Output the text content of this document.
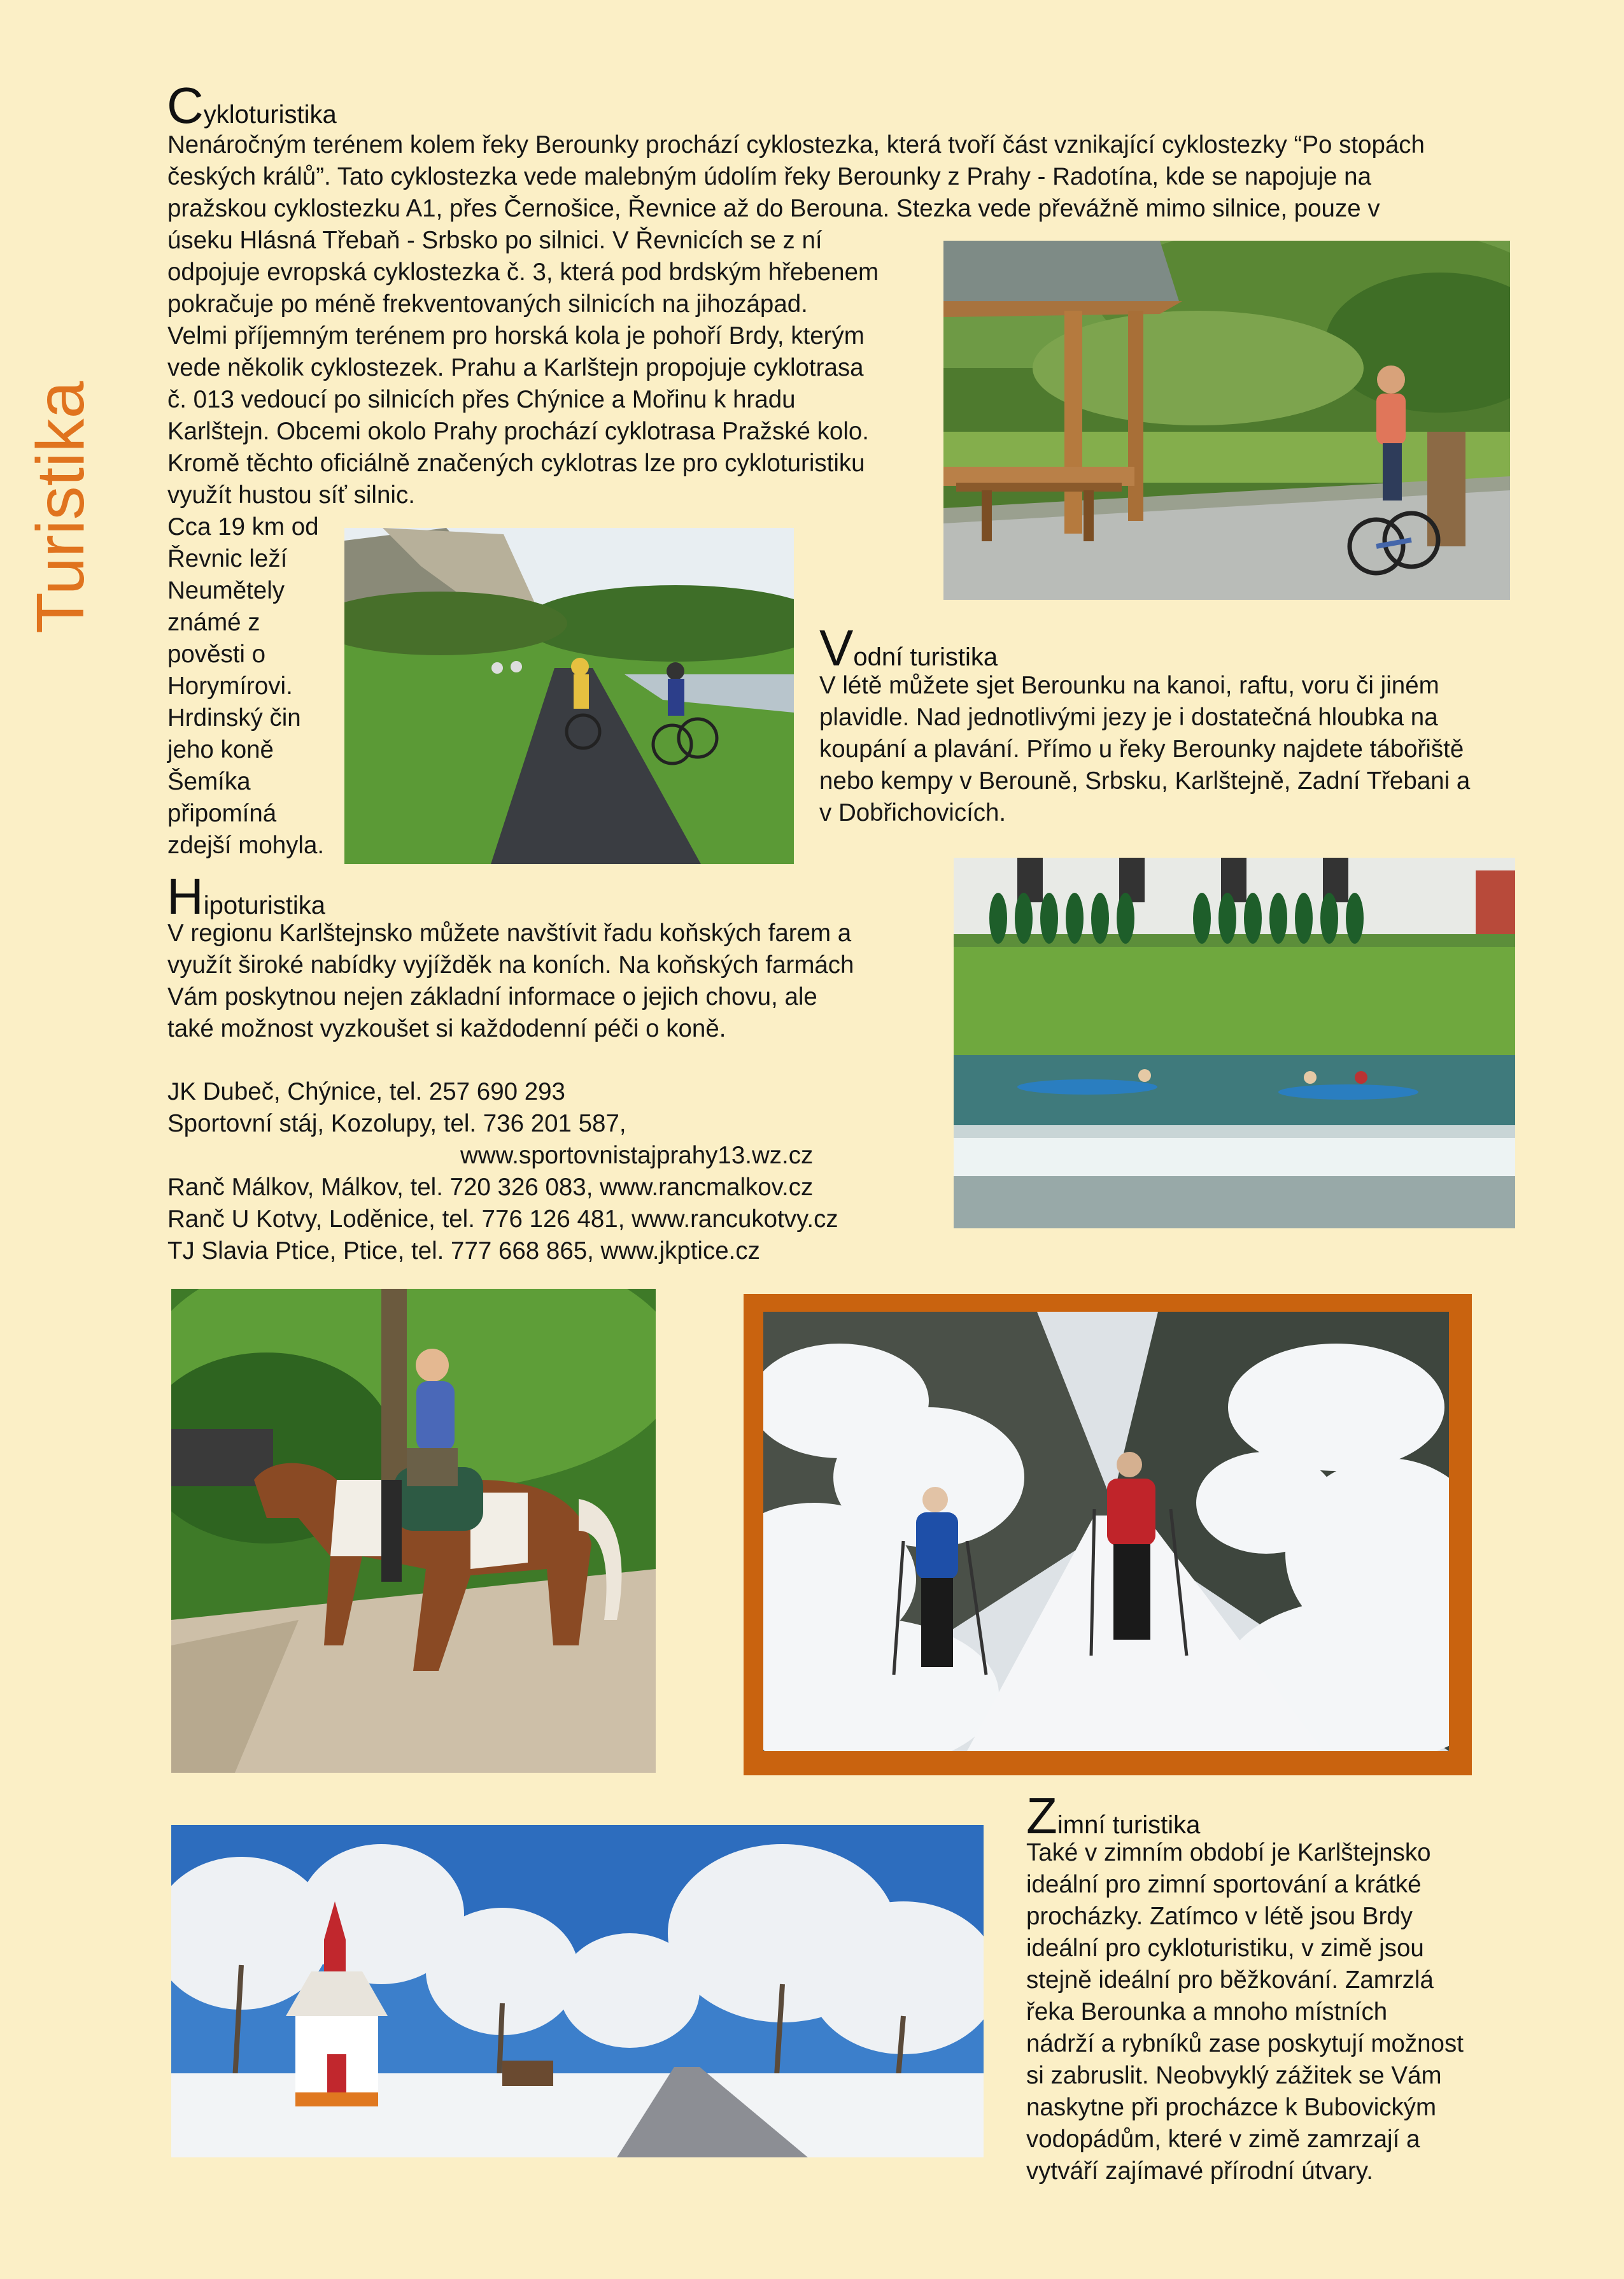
Turistika
Cykloturistika
Nenáročným terénem kolem řeky Berounky prochází cyklostezka, která tvoří část vznikající cyklostezky “Po stopách
českých králů”. Tato cyklostezka vede malebným údolím řeky Berounky z Prahy - Radotína, kde se napojuje na
pražskou cyklostezku A1, přes Černošice, Řevnice až do Berouna. Stezka vede převážně mimo silnice, pouze v
úseku Hlásná Třebaň - Srbsko po silnici. V Řevnicích se z ní
odpojuje evropská cyklostezka č. 3, která pod brdským hřebenem
pokračuje po méně frekventovaných silnicích na jihozápad.
Velmi příjemným terénem pro horská kola je pohoří Brdy, kterým
vede několik cyklostezek. Prahu a Karlštejn propojuje cyklotrasa
č. 013 vedoucí po silnicích přes Chýnice a Mořinu k hradu
Karlštejn. Obcemi okolo Prahy prochází cyklotrasa Pražské kolo.
Kromě těchto oficiálně značených cyklotras lze pro cykloturistiku
využít hustou síť silnic.
Cca 19 km od
Řevnic leží
Neumětely
známé z
pověsti o
Horymírovi.
Hrdinský čin
jeho koně
Šemíka
připomíná
zdejší mohyla.
Vodní turistika
V létě můžete sjet Berounku na kanoi, raftu, voru či jiném
plavidle. Nad jednotlivými jezy je i dostatečná hloubka na
koupání a plavání. Přímo u řeky Berounky najdete tábořiště
nebo kempy v Berouně, Srbsku, Karlštejně, Zadní Třebani a
v Dobřichovicích.
Hipoturistika
V regionu Karlštejnsko můžete navštívit řadu koňských farem a
využít široké nabídky vyjížděk na koních. Na koňských farmách
Vám poskytnou nejen základní informace o jejich chovu, ale
také možnost vyzkoušet si každodenní péči o koně.
JK Dubeč, Chýnice, tel. 257 690 293
Sportovní stáj, Kozolupy, tel. 736 201 587,
www.sportovnistajprahy13.wz.cz
Ranč Málkov, Málkov, tel. 720 326 083, www.rancmalkov.cz
Ranč U Kotvy, Loděnice, tel. 776 126 481, www.rancukotvy.cz
TJ Slavia Ptice, Ptice, tel. 777 668 865, www.jkptice.cz
Zimní turistika
Také v zimním období je Karlštejnsko
ideální pro zimní sportování a krátké
procházky. Zatímco v létě jsou Brdy
ideální pro cykloturistiku, v zimě jsou
stejně ideální pro běžkování. Zamrzlá
řeka Berounka a mnoho místních
nádrží a rybníků zase poskytují možnost
si zabruslit. Neobvyklý zážitek se Vám
naskytne při procházce k Bubovickým
vodopádům, které v zimě zamrzají a
vytváří zajímavé přírodní útvary.
